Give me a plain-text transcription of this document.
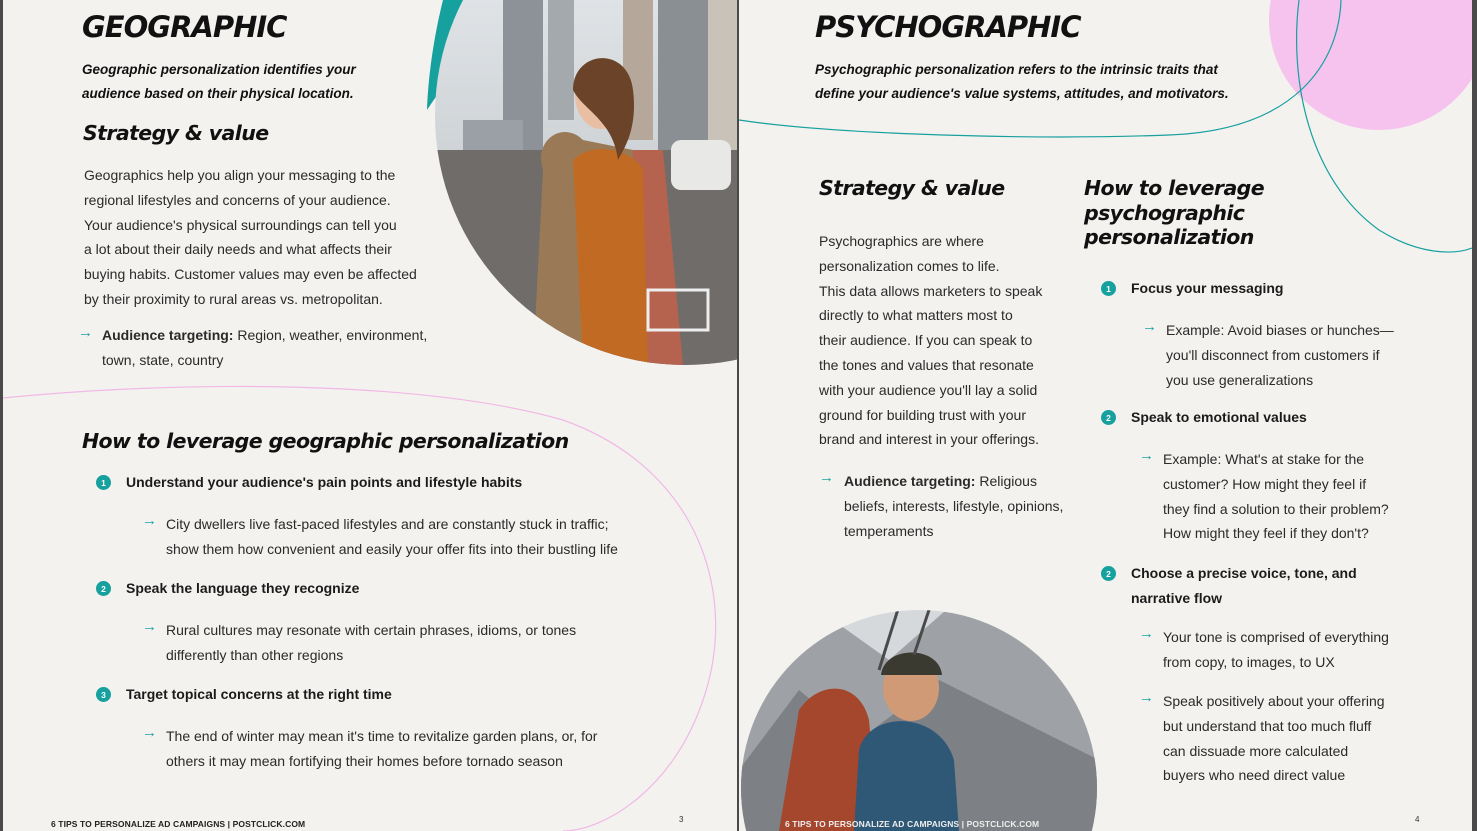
GEOGRAPHIC
Geographic personalization identifies your
audience based on their physical location.
Strategy & value
Geographics help you align your messaging to the
regional lifestyles and concerns of your audience.
Your audience's physical surroundings can tell you
a lot about their daily needs and what affects their
buying habits. Customer values may even be affected
by their proximity to rural areas vs. metropolitan.
→ Audience targeting: Region, weather, environment,
town, state, country
How to leverage geographic personalization
1	Understand your audience's pain points and lifestyle habits
→ City dwellers live fast-paced lifestyles and are constantly stuck in traffic;
show them how convenient and easily your offer fits into their bustling life
2	Speak the language they recognize
→ Rural cultures may resonate with certain phrases, idioms, or tones
differently than other regions
3	Target topical concerns at the right time
→ The end of winter may mean it's time to revitalize garden plans, or, for
others it may mean fortifying their homes before tornado season
6 TIPS TO PERSONALIZE AD CAMPAIGNS | POSTCLICK.COM	3
PSYCHOGRAPHIC
Psychographic personalization refers to the intrinsic traits that
define your audience's value systems, attitudes, and motivators.
Strategy & value
Psychographics are where
personalization comes to life.
This data allows marketers to speak
directly to what matters most to
their audience. If you can speak to
the tones and values that resonate
with your audience you'll lay a solid
ground for building trust with your
brand and interest in your offerings.
→ Audience targeting: Religious
beliefs, interests, lifestyle, opinions,
temperaments
How to leverage
psychographic
personalization
1	Focus your messaging
→ Example: Avoid biases or hunches—
you'll disconnect from customers if
you use generalizations
2	Speak to emotional values
→ Example: What's at stake for the
customer? How might they feel if
they find a solution to their problem?
How might they feel if they don't?
2	Choose a precise voice, tone, and
narrative flow
→ Your tone is comprised of everything
from copy, to images, to UX
→ Speak positively about your offering
but understand that too much fluff
can dissuade more calculated
buyers who need direct value
6 TIPS TO PERSONALIZE AD CAMPAIGNS | POSTCLICK.COM	4
